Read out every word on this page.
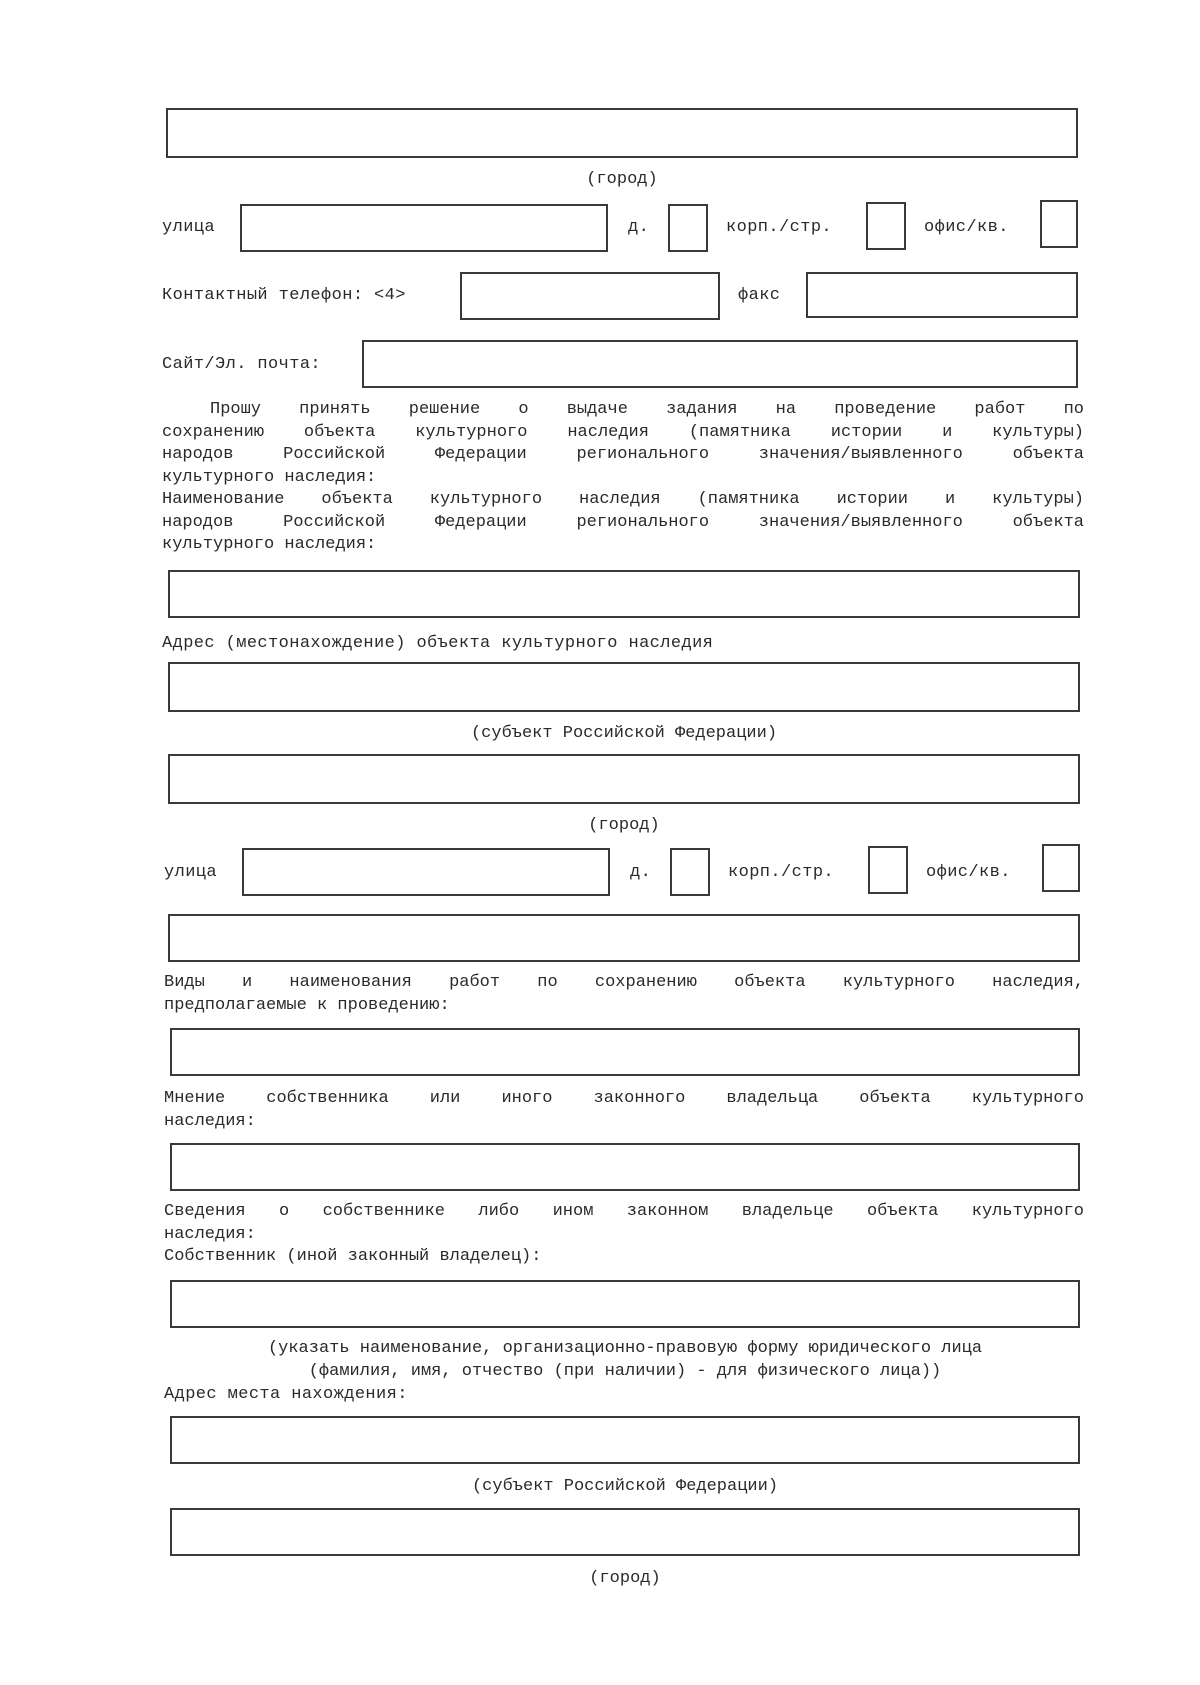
(город)
улица	д.	корп./стр.	офис/кв.
Контактный телефон: <4>	факс
Сайт/Эл. почта:
Прошу принять решение о выдаче задания на проведение работ по
сохранению объекта культурного наследия (памятника истории и культуры)
народов Российской Федерации регионального значения/выявленного объекта
культурного наследия:
Наименование объекта культурного наследия (памятника истории и культуры)
народов Российской Федерации регионального значения/выявленного объекта
культурного наследия:
Адрес (местонахождение) объекта культурного наследия
(субъект Российской Федерации)
(город)
улица	д.	корп./стр.	офис/кв.
Виды и наименования работ по сохранению объекта культурного наследия,
предполагаемые к проведению:
Мнение собственника или иного законного владельца объекта культурного
наследия:
Сведения о собственнике либо ином законном владельце объекта культурного
наследия:
Собственник (иной законный владелец):
(указать наименование, организационно-правовую форму юридического лица
(фамилия, имя, отчество (при наличии) - для физического лица))
Адрес места нахождения:
(субъект Российской Федерации)
(город)
